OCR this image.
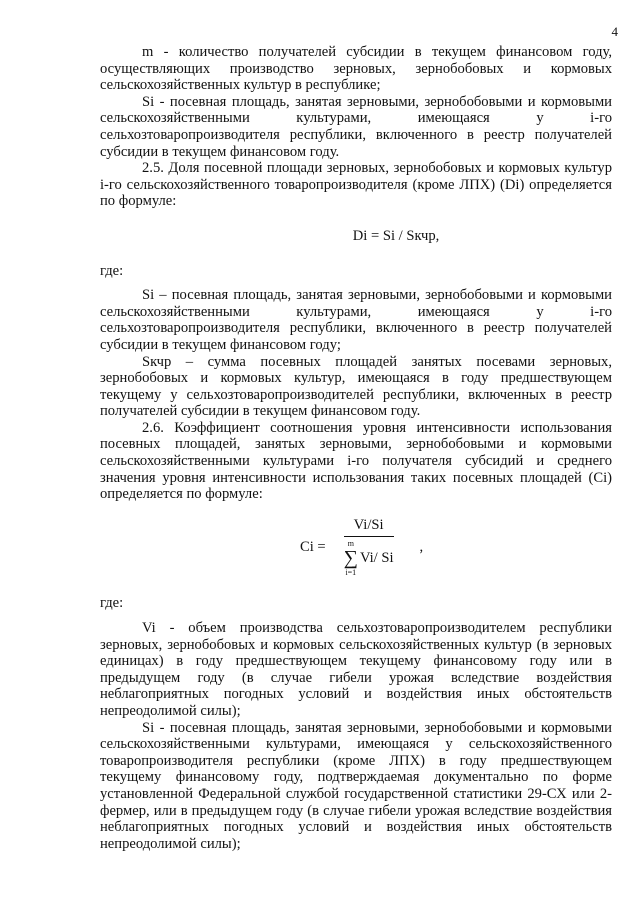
4

m - количество получателей субсидии в текущем финансовом году, осуществляющих производство зерновых, зернобобовых и кормовых сельскохозяйственных культур в республике;

Si - посевная площадь, занятая зерновыми, зернобобовыми и кормовыми сельскохозяйственными культурами, имеющаяся у i-го сельхозтоваропроизводителя республики, включенного в реестр получателей субсидии в текущем финансовом году.

2.5. Доля посевной площади зерновых, зернобобовых и кормовых культур i-го сельскохозяйственного товаропроизводителя (кроме ЛПХ) (Di) определяется по формуле:

Di = Si / Sкчр,

где:

Si – посевная площадь, занятая зерновыми, зернобобовыми и кормовыми сельскохозяйственными культурами, имеющаяся у i-го сельхозтоваропроизводителя республики, включенного в реестр получателей субсидии в текущем финансовом году;

Sкчр – сумма посевных площадей занятых посевами зерновых, зернобобовых и кормовых культур, имеющаяся в году предшествующем текущему у сельхозтоваропроизводителей республики, включенных в реестр получателей субсидии в текущем финансовом году.

2.6. Коэффициент соотношения уровня интенсивности использования посевных площадей, занятых зерновыми, зернобобовыми и кормовыми сельскохозяйственными культурами i-го получателя субсидий и среднего значения уровня интенсивности использования таких посевных площадей (Ci) определяется по формуле:

Ci = Vi/Si
m
∑
i=1
Vi/ Si ,

где:

Vi - объем производства сельхозтоваропроизводителем республики зерновых, зернобобовых и кормовых сельскохозяйственных культур (в зерновых единицах) в году предшествующем текущему финансовому году или в предыдущем году (в случае гибели урожая вследствие воздействия неблагоприятных погодных условий и воздействия иных обстоятельств непреодолимой силы);

Si - посевная площадь, занятая зерновыми, зернобобовыми и кормовыми сельскохозяйственными культурами, имеющаяся у сельскохозяйственного товаропроизводителя республики (кроме ЛПХ) в году предшествующем текущему финансовому году, подтверждаемая документально по форме установленной Федеральной службой государственной статистики 29-СХ или 2-фермер, или в предыдущем году (в случае гибели урожая вследствие воздействия неблагоприятных погодных условий и воздействия иных обстоятельств непреодолимой силы);
